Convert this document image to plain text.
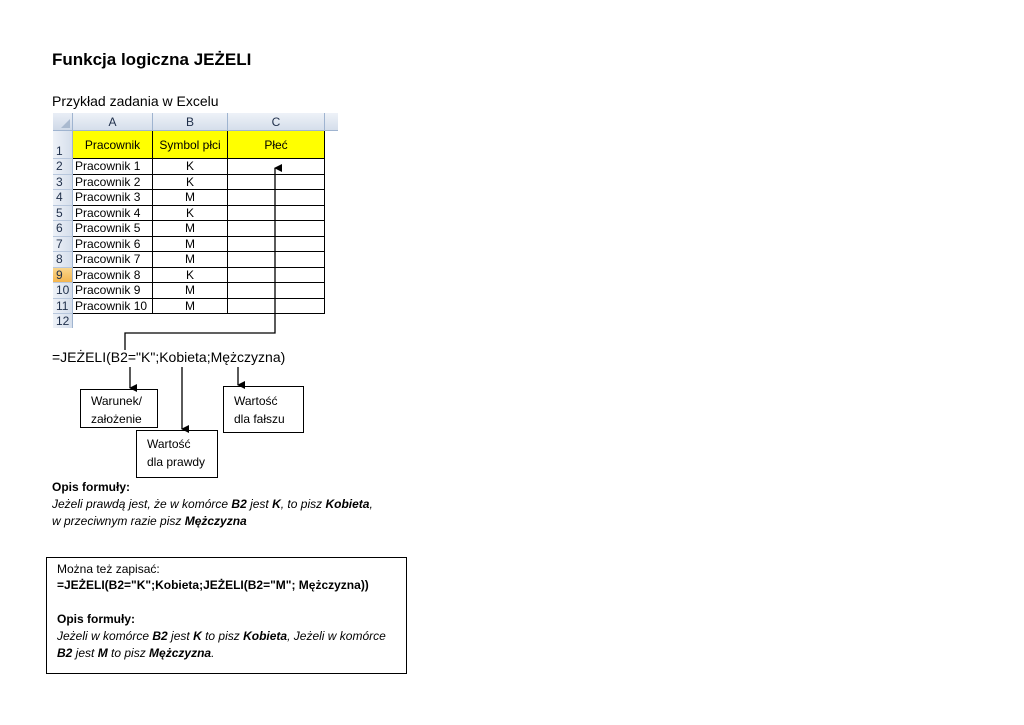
Funkcja logiczna JEŻELI
Przykład zadania w Excelu
A	B	C
1	Pracownik	Symbol płci	Płeć
2	Pracownik 1	K
3	Pracownik 2	K
4	Pracownik 3	M
5	Pracownik 4	K
6	Pracownik 5	M
7	Pracownik 6	M
8	Pracownik 7	M
9	Pracownik 8	K
10 Pracownik 9	M
11 Pracownik 10	M
12
=JEŻELI(B2="K";Kobieta;Mężczyzna)
Warunek/
założenie
Wartość
dla prawdy
Wartość
dla fałszu
Opis formuły:
Jeżeli prawdą jest, że w komórce B2 jest K, to pisz Kobieta,
w przeciwnym razie pisz Mężczyzna
Można też zapisać:
=JEŻELI(B2="K";Kobieta;JEŻELI(B2="M"; Mężczyzna))
Opis formuły:
Jeżeli w komórce B2 jest K to pisz Kobieta, Jeżeli w komórce B2 jest M to pisz Mężczyzna.
